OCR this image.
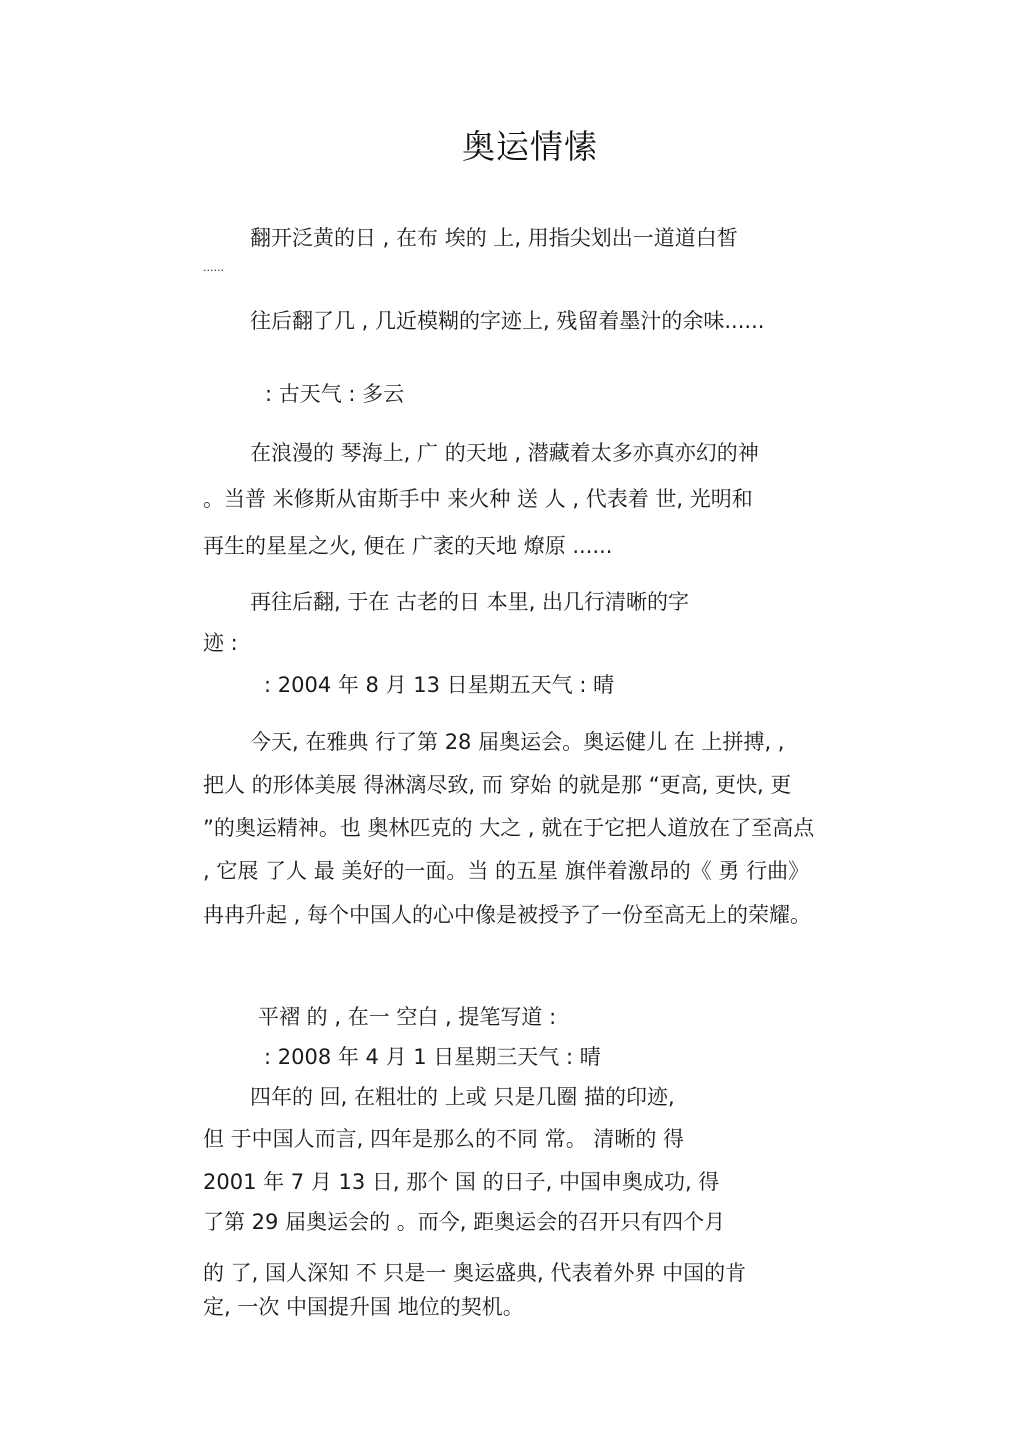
奥运情愫
翻开泛黄的日 , 在布 埃的 上, 用指尖划出一道道白皙
......
往后翻了几 , 几近模糊的字迹上, 残留着墨汁的余味......
: 古天气 : 多云
在浪漫的 琴海上, 广 的天地 , 潜藏着太多亦真亦幻的神
。当普 米修斯从宙斯手中 来火种 送 人 , 代表着 世, 光明和
再生的星星之火, 便在 广袤的天地 燎原 ......
再往后翻, 于在 古老的日 本里, 出几行清晰的字
迹 :
: 2004 年 8 月 13 日星期五天气 : 晴
今天, 在雅典 行了第 28 届奥运会。奥运健儿 在 上拼搏, ,
把人 的形体美展 得淋漓尽致, 而 穿始 的就是那 “更高, 更快, 更
”的奥运精神。也 奥林匹克的 大之 , 就在于它把人道放在了至高点
, 它展 了人 最 美好的一面。当 的五星 旗伴着激昂的《 勇 行曲》
冉冉升起 , 每个中国人的心中像是被授予了一份至高无上的荣耀。
平褶 的 , 在一 空白 , 提笔写道 :
: 2008 年 4 月 1 日星期三天气 : 晴
四年的 回, 在粗壮的 上或 只是几圈 描的印迹,
但 于中国人而言, 四年是那么的不同 常。 清晰的 得
2001 年 7 月 13 日, 那个 国 的日子, 中国申奥成功, 得
了第 29 届奥运会的 。而今, 距奥运会的召开只有四个月
的 了, 国人深知 不 只是一 奥运盛典, 代表着外界 中国的肯
定, 一次 中国提升国 地位的契机。
